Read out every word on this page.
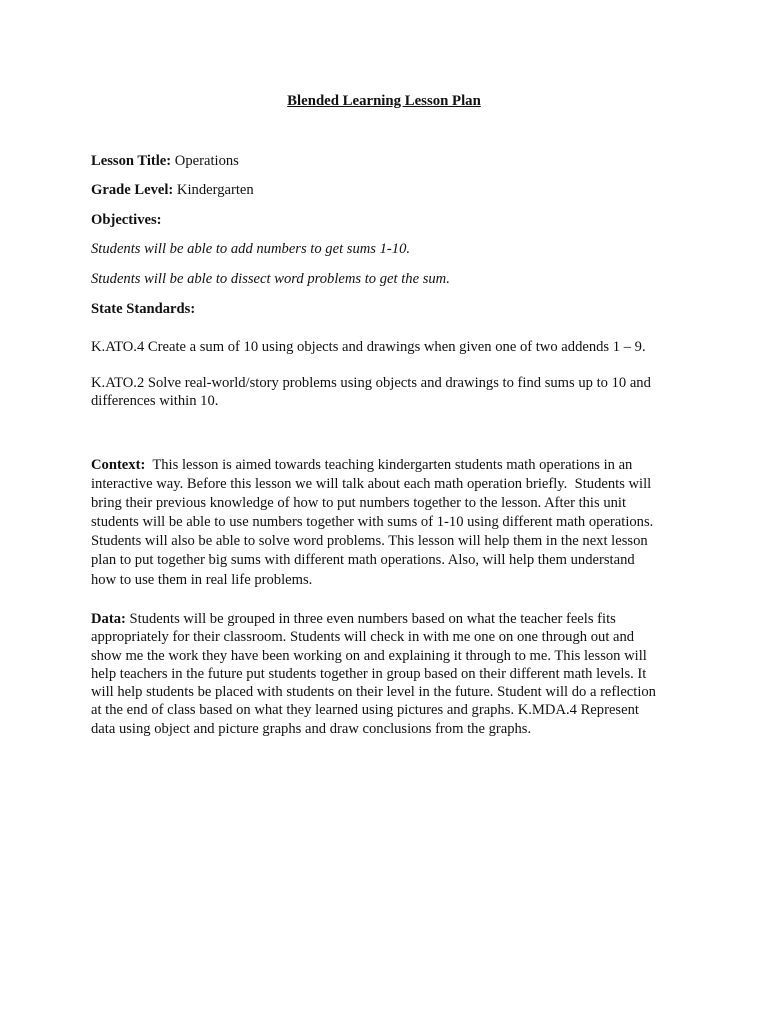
Blended Learning Lesson Plan
Lesson Title: Operations
Grade Level: Kindergarten
Objectives:
Students will be able to add numbers to get sums 1-10.
Students will be able to dissect word problems to get the sum.
State Standards:
K.ATO.4 Create a sum of 10 using objects and drawings when given one of two addends 1 – 9.
K.ATO.2 Solve real-world/story problems using objects and drawings to find sums up to 10 and
differences within 10.
Context:  This lesson is aimed towards teaching kindergarten students math operations in an
interactive way. Before this lesson we will talk about each math operation briefly.  Students will
bring their previous knowledge of how to put numbers together to the lesson. After this unit
students will be able to use numbers together with sums of 1-10 using different math operations.
Students will also be able to solve word problems. This lesson will help them in the next lesson
plan to put together big sums with different math operations. Also, will help them understand
how to use them in real life problems.
Data: Students will be grouped in three even numbers based on what the teacher feels fits
appropriately for their classroom. Students will check in with me one on one through out and
show me the work they have been working on and explaining it through to me. This lesson will
help teachers in the future put students together in group based on their different math levels. It
will help students be placed with students on their level in the future. Student will do a reflection
at the end of class based on what they learned using pictures and graphs. K.MDA.4 Represent
data using object and picture graphs and draw conclusions from the graphs.
